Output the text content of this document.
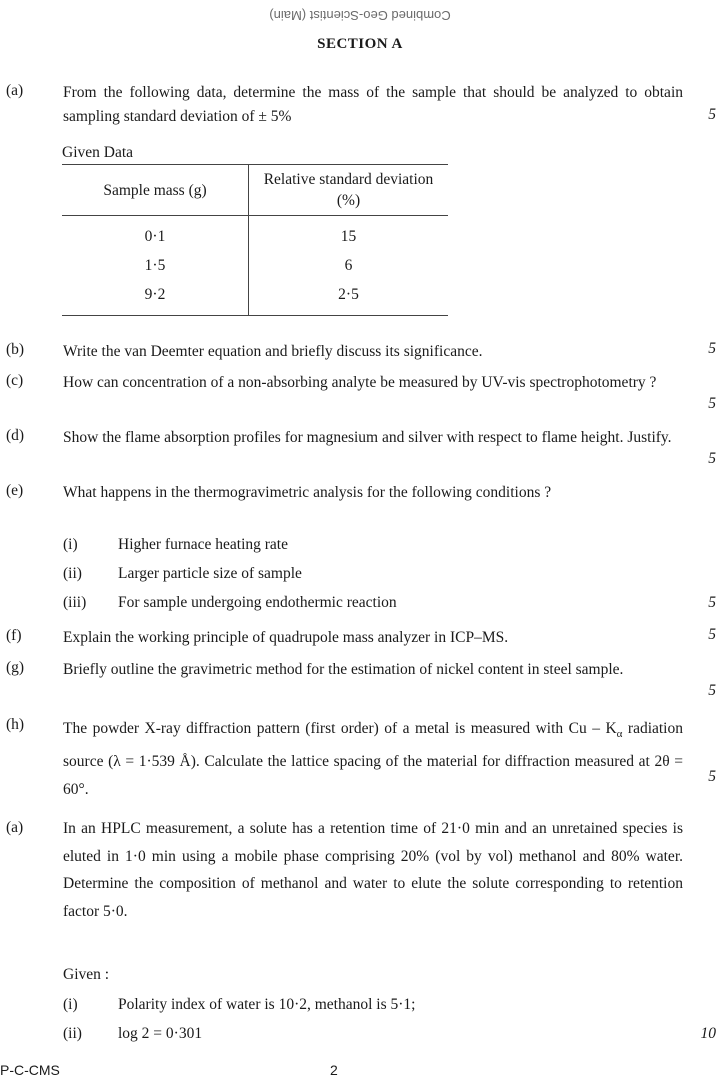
Combined Geo-Scientist (Main)
SECTION A
(a)	From the following data, determine the mass of the sample that should be analyzed to obtain sampling standard deviation of ± 5%	5
Given Data
Sample mass (g)	Relative standard deviation (%)
0·1	15
1·5	6
9·2	2·5
(b)	Write the van Deemter equation and briefly discuss its significance.	5
(c)	How can concentration of a non-absorbing analyte be measured by UV-vis spectrophotometry ?
5
(d)	Show the flame absorption profiles for magnesium and silver with respect to flame height. Justify.
5
(e)	What happens in the thermogravimetric analysis for the following conditions ?
(i)	Higher furnace heating rate
(ii) Larger particle size of sample
(iii) For sample undergoing endothermic reaction	5
(f)	Explain the working principle of quadrupole mass analyzer in ICP–MS.	5
(g)	Briefly outline the gravimetric method for the estimation of nickel content in steel sample.
5
(h)	The powder X-ray diffraction pattern (first order) of a metal is measured with Cu – $K_\alpha$ radiation source (λ = 1·539 Å). Calculate the lattice spacing of the material for diffraction measured at 2θ = 60°.
5
(a)	In an HPLC measurement, a solute has a retention time of 21·0 min and an unretained species is eluted in 1·0 min using a mobile phase comprising 20% (vol by vol) methanol and 80% water. Determine the composition of methanol and water to elute the solute corresponding to retention factor 5·0.
Given :
(i)	Polarity index of water is 10·2, methanol is 5·1;
(ii) log 2 = 0·301	10
P-C-CMS	2
